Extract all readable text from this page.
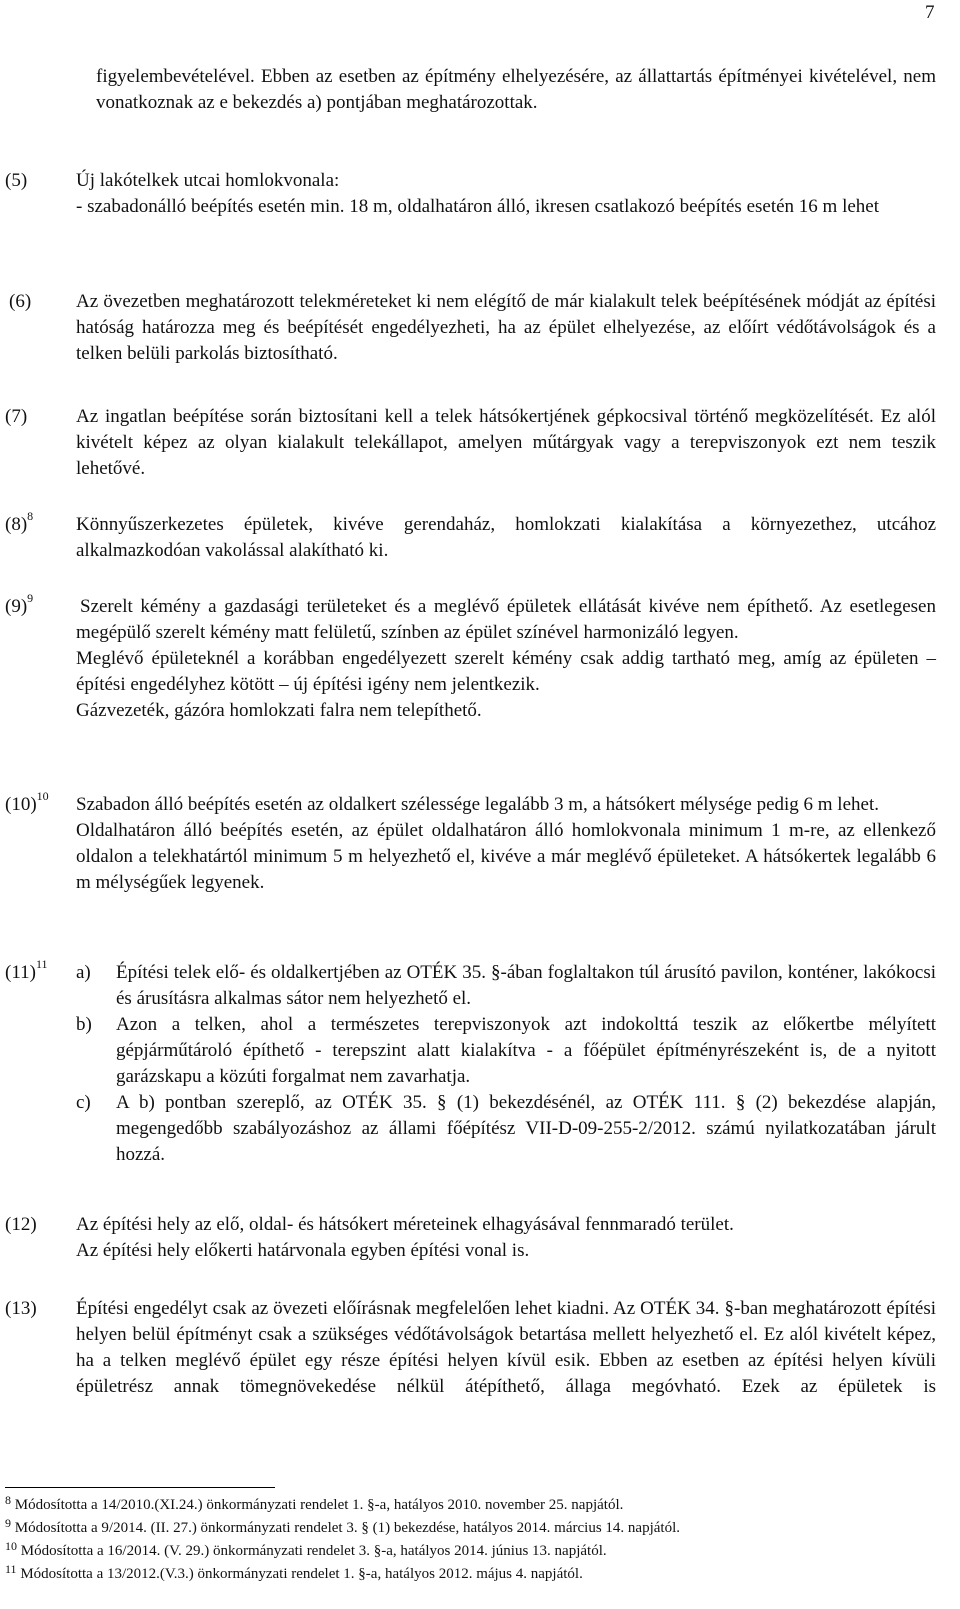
7

figyelembevételével. Ebben az esetben az építmény elhelyezésére, az állattartás építményei kivételével, nem vonatkoznak az e bekezdés a) pontjában meghatározottak.

(5)	Új lakótelkek utcai homlokvonala:

- szabadonálló beépítés esetén min. 18 m, oldalhatáron álló, ikresen csatlakozó beépítés esetén 16 m lehet

(6) Az övezetben meghatározott telekméreteket ki nem elégítő de már kialakult telek beépítésének módját az építési hatóság határozza meg és beépítését engedélyezheti, ha az épület elhelyezése, az előírt védőtávolságok és a telken belüli parkolás biztosítható.

(7)	Az ingatlan beépítése során biztosítani kell a telek hátsókertjének gépkocsival történő megközelítését. Ez alól kivételt képez az olyan kialakult telekállapot, amelyen műtárgyak vagy a terepviszonyok ezt nem teszik lehetővé.

$(8)^8$ Könnyűszerkezetes épületek, kivéve gerendaház, homlokzati kialakítása a környezethez, utcához alkalmazkodóan vakolással alakítható ki.

$(9)^9$ Szerelt kémény a gazdasági területeket és a meglévő épületek ellátását kivéve nem építhető. Az esetlegesen megépülő szerelt kémény matt felületű, színben az épület színével harmonizáló legyen.

Meglévő épületeknél a korábban engedélyezett szerelt kémény csak addig tartható meg, amíg az épületen – építési engedélyhez kötött – új építési igény nem jelentkezik.

Gázvezeték, gázóra homlokzati falra nem telepíthető.

$(10)^{10}$ Szabadon álló beépítés esetén az oldalkert szélessége legalább 3 m, a hátsókert mélysége pedig 6 m lehet.

Oldalhatáron álló beépítés esetén, az épület oldalhatáron álló homlokvonala minimum 1 m-re, az ellenkező oldalon a telekhatártól minimum 5 m helyezhető el, kivéve a már meglévő épületeket. A hátsókertek legalább 6 m mélységűek legyenek.

$(11)^{11}$ a)	Építési telek elő- és oldalkertjében az OTÉK 35. §-ában foglaltakon túl árusító pavilon, konténer, lakókocsi és árusításra alkalmas sátor nem helyezhető el.
b)	Azon a telken, ahol a természetes terepviszonyok azt indokolttá teszik az előkertbe mélyített gépjárműtároló építhető - terepszint alatt kialakítva - a főépület építményrészeként is, de a nyitott garázskapu a közúti forgalmat nem zavarhatja.
c)	A b) pontban szereplő, az OTÉK 35. § (1) bekezdésénél, az OTÉK 111. § (2) bekezdése alapján, megengedőbb szabályozáshoz az állami főépítész VII-D-09-255-2/2012. számú nyilatkozatában járult hozzá.
(12) Az építési hely az elő, oldal- és hátsókert méreteinek elhagyásával fennmaradó terület.

Az építési hely előkerti határvonala egyben építési vonal is.

(13) Építési engedélyt csak az övezeti előírásnak megfelelően lehet kiadni. Az OTÉK 34. §-ban meghatározott építési helyen belül építményt csak a szükséges védőtávolságok betartása mellett helyezhető el. Ez alól kivételt képez, ha a telken meglévő épület egy része építési helyen kívül esik. Ebben az esetben az építési helyen kívüli épületrész annak tömegnövekedése nélkül átépíthető, állaga megóvható. Ezek az épületek is

$^8$ Módosította a 14/2010.(XI.24.) önkormányzati rendelet 1. §-a, hatályos 2010. november 25. napjától.
$^9$ Módosította a 9/2014. (II. 27.) önkormányzati rendelet 3. § (1) bekezdése, hatályos 2014. március 14. napjától.
$^{10}$ Módosította a 16/2014. (V. 29.) önkormányzati rendelet 3. §-a, hatályos 2014. június 13. napjától.
$^{11}$ Módosította a 13/2012.(V.3.) önkormányzati rendelet 1. §-a, hatályos 2012. május 4. napjától.
